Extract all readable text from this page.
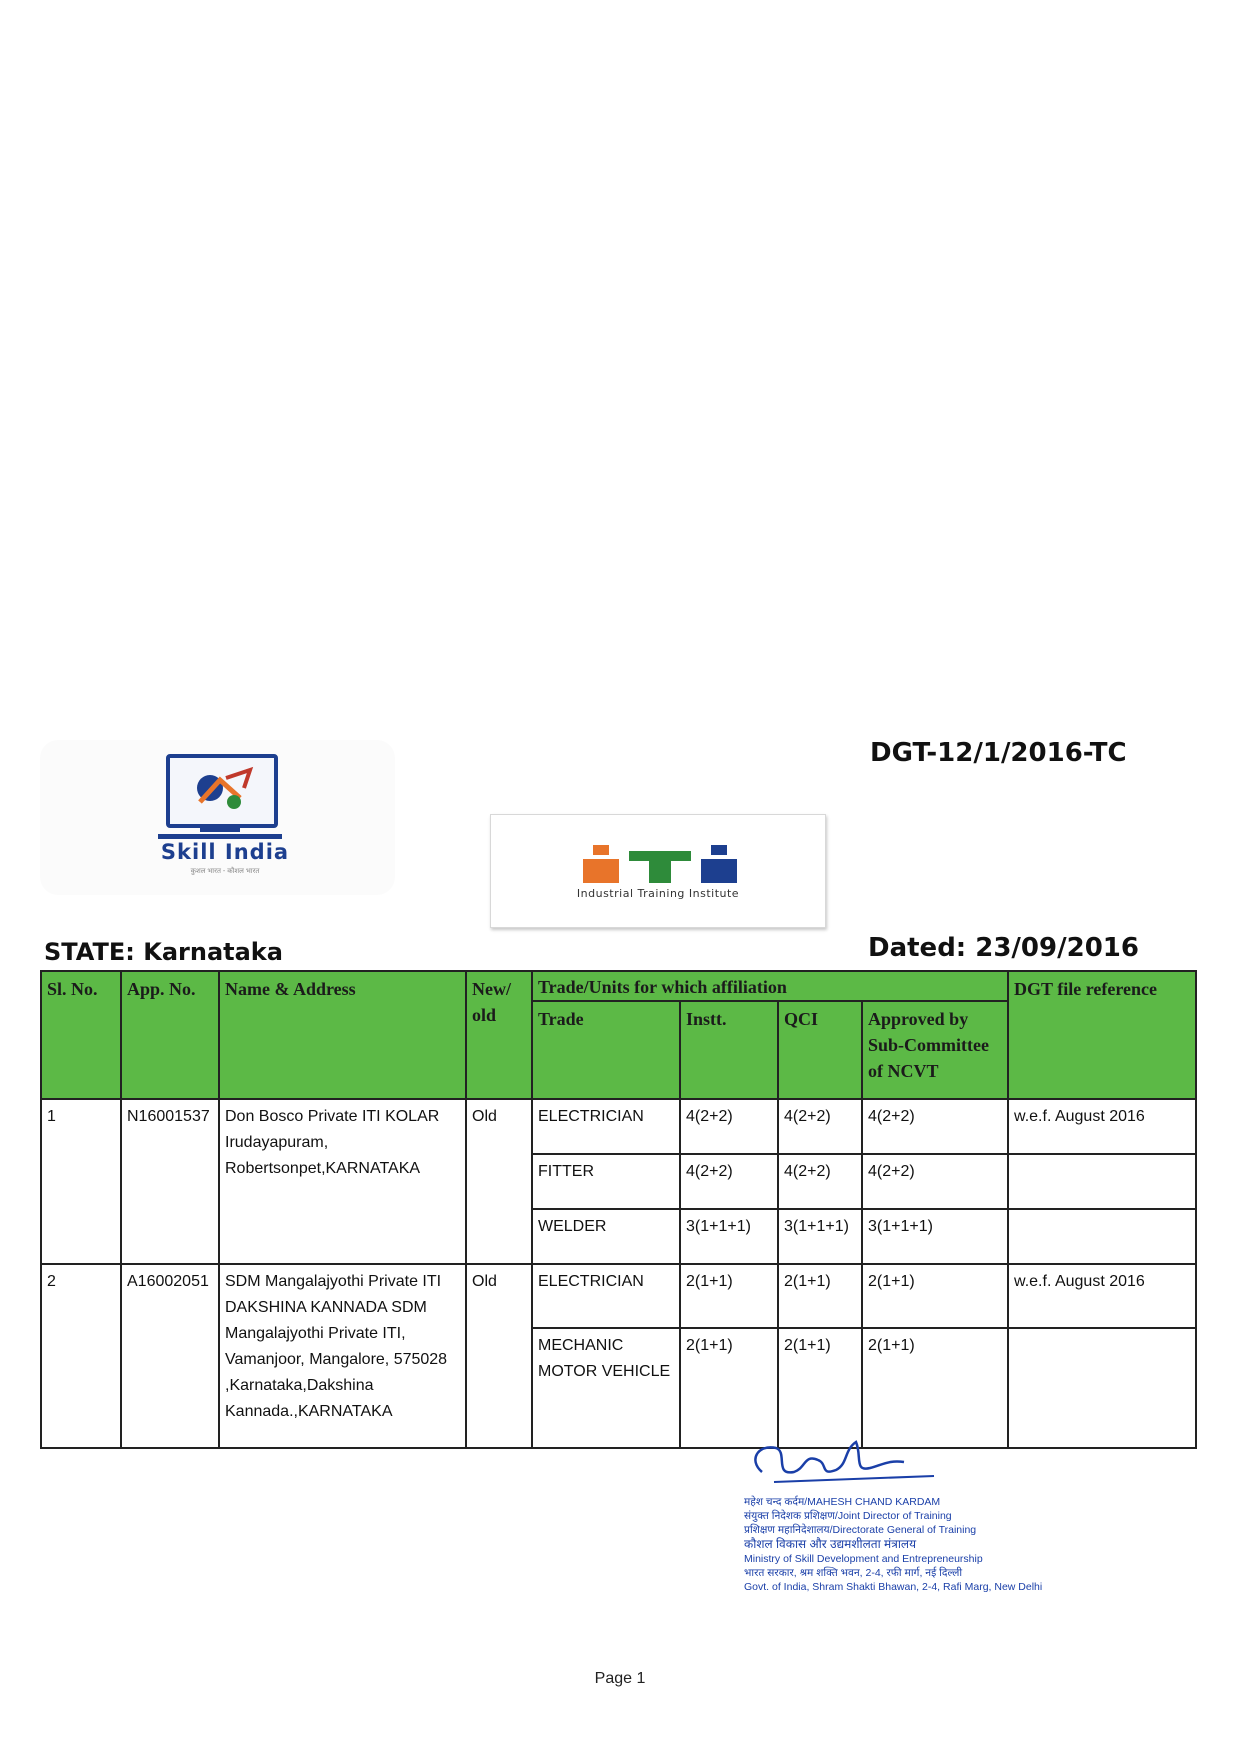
Skill India
कुशल भारत - कौशल भारत
Industrial Training Institute
DGT-12/1/2016-TC
STATE: Karnataka	Dated: 23/09/2016
Sl. No.	App. No.	Name & Address	New/ old	Trade/Units for which affiliation				DGT file reference
				Trade	Instt.	QCI	Approved by Sub-Committee of NCVT	
1	N16001537	Don Bosco Private ITI KOLAR Irudayapuram, Robertsonpet,KARNATAKA	Old	ELECTRICIAN	4(2+2)	4(2+2)	4(2+2)	w.e.f. August 2016
				FITTER	4(2+2)	4(2+2)	4(2+2)	
				WELDER	3(1+1+1)	3(1+1+1)	3(1+1+1)	
2	A16002051	SDM Mangalajyothi Private ITI DAKSHINA KANNADA SDM Mangalajyothi Private ITI, Vamanjoor, Mangalore, 575028 ,Karnataka,Dakshina Kannada.,KARNATAKA	Old	ELECTRICIAN	2(1+1)	2(1+1)	2(1+1)	w.e.f. August 2016
				MECHANIC MOTOR VEHICLE	2(1+1)	2(1+1)	2(1+1)	
महेश चन्द कर्दम/MAHESH CHAND KARDAM
संयुक्त निदेशक प्रशिक्षण/Joint Director of Training
प्रशिक्षण महानिदेशालय/Directorate General of Training
कौशल विकास और उद्यमशीलता मंत्रालय
Ministry of Skill Development and Entrepreneurship
भारत सरकार, श्रम शक्ति भवन, 2-4, रफी मार्ग, नई दिल्ली
Govt. of India, Shram Shakti Bhawan, 2-4, Rafi Marg, New Delhi
Page 1
